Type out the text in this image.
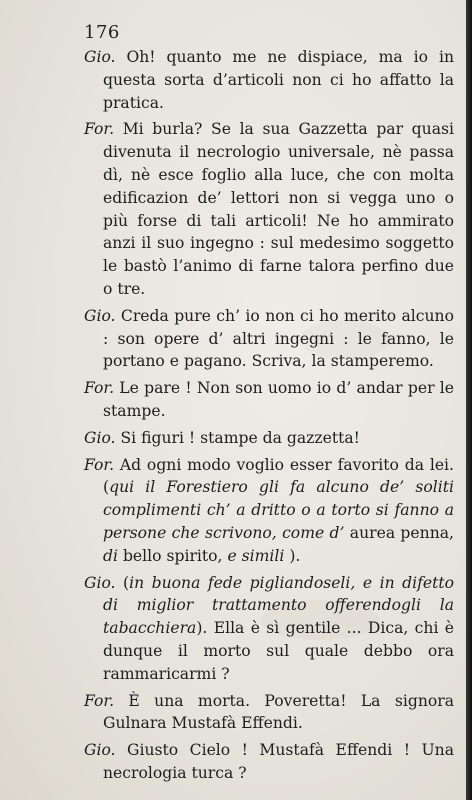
176

Gio. Oh! quanto me ne dispiace, ma io in questa sorta d’articoli non ci ho affatto la pratica.

For. Mi burla? Se la sua Gazzetta par quasi divenuta il necrologio universale, nè passa dì, nè esce foglio alla luce, che con molta edificazion de’ lettori non si vegga uno o più forse di tali articoli! Ne ho ammirato anzi il suo ingegno : sul medesimo soggetto le bastò l’animo di farne talora perfino due o tre.

Gio. Creda pure ch’ io non ci ho merito alcuno : son opere d’ altri ingegni : le fanno, le portano e pagano. Scriva, la stamperemo.

For. Le pare ! Non son uomo io d’ andar per le stampe.

Gio. Si figuri ! stampe da gazzetta!

For. Ad ogni modo voglio esser favorito da lei. (qui il Forestiero gli fa alcuno de’ soliti complimenti ch’ a dritto o a torto si fanno a persone che scrivono, come d’ aurea penna, di bello spirito, e simili ).

Gio. (in buona fede pigliandoseli, e in difetto di miglior trattamento offerendogli la tabacchiera). Ella è sì gentile ... Dica, chi è dunque il morto sul quale debbo ora rammaricarmi ?

For. È una morta. Poveretta! La signora Gulnara Mustafà Effendi.

Gio. Giusto Cielo ! Mustafà Effendi ! Una necrologia turca ?
